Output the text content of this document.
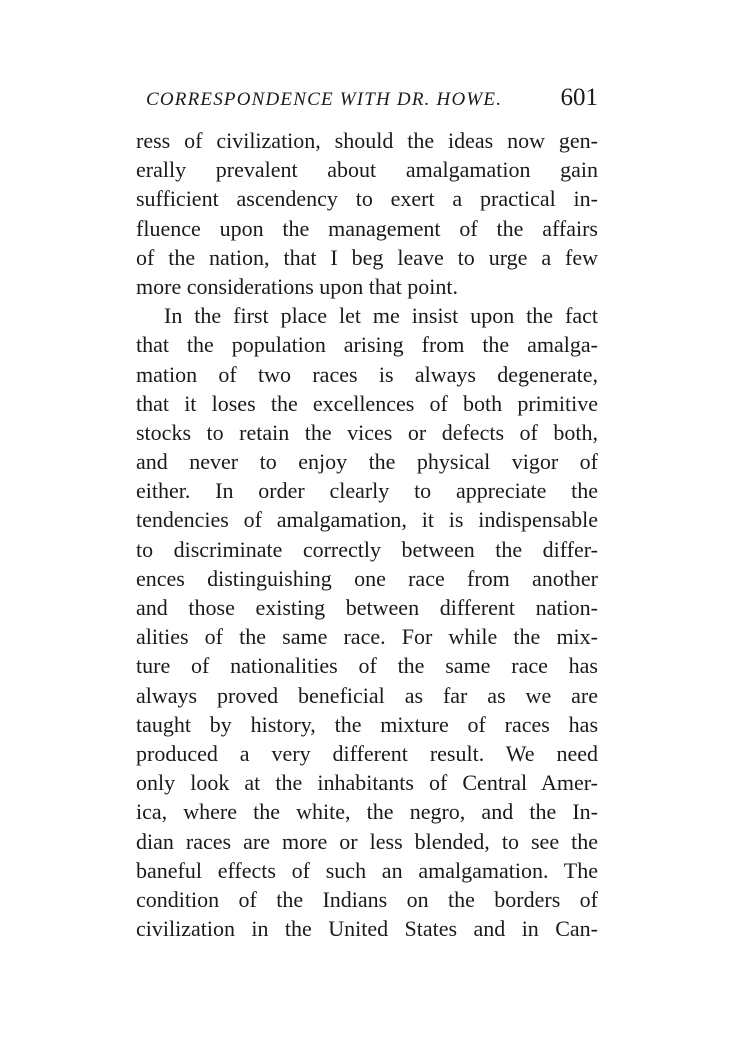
CORRESPONDENCE WITH DR. HOWE. 601
ress of civilization, should the ideas now gen-
erally prevalent about amalgamation gain
sufficient ascendency to exert a practical in-
fluence upon the management of the affairs
of the nation, that I beg leave to urge a few
more considerations upon that point.
In the first place let me insist upon the fact
that the population arising from the amalga-
mation of two races is always degenerate,
that it loses the excellences of both primitive
stocks to retain the vices or defects of both,
and never to enjoy the physical vigor of
either. In order clearly to appreciate the
tendencies of amalgamation, it is indispensable
to discriminate correctly between the differ-
ences distinguishing one race from another
and those existing between different nation-
alities of the same race. For while the mix-
ture of nationalities of the same race has
always proved beneficial as far as we are
taught by history, the mixture of races has
produced a very different result. We need
only look at the inhabitants of Central Amer-
ica, where the white, the negro, and the In-
dian races are more or less blended, to see the
baneful effects of such an amalgamation. The
condition of the Indians on the borders of
civilization in the United States and in Can-
